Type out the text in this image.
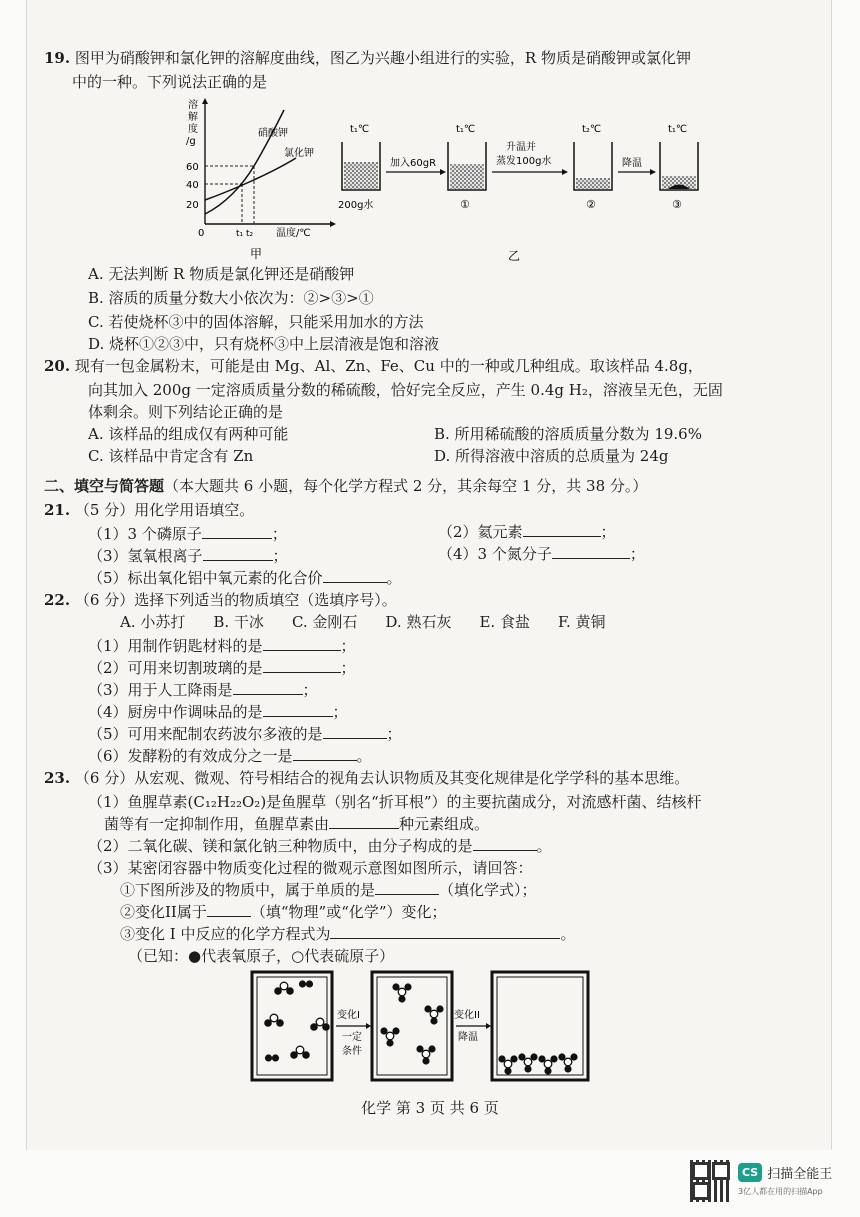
19. 图甲为硝酸钾和氯化钾的溶解度曲线，图乙为兴趣小组进行的实验，R 物质是硝酸钾或氯化钾
中的一种。下列说法正确的是
溶
解
度
/g
60
40
20
0	t₁ t₂ 温度/℃
硝酸钾
氯化钾
甲
t₁℃
200g水
加入60gR
t₁℃
①
升温并
蒸发100g水
t₂℃
②
降温
t₁℃
③
乙
A. 无法判断 R 物质是氯化钾还是硝酸钾
B. 溶质的质量分数大小依次为：②>③>①
C. 若使烧杯③中的固体溶解，只能采用加水的方法
D. 烧杯①②③中，只有烧杯③中上层清液是饱和溶液
20. 现有一包金属粉末，可能是由 Mg、Al、Zn、Fe、Cu 中的一种或几种组成。取该样品 4.8g，
向其加入 200g 一定溶质质量分数的稀硫酸，恰好完全反应，产生 0.4g H₂，溶液呈无色，无固
体剩余。则下列结论正确的是
A. 该样品的组成仅有两种可能	B. 所用稀硫酸的溶质质量分数为 19.6%
C. 该样品中肯定含有 Zn	D. 所得溶液中溶质的总质量为 24g
二、填空与简答题（本大题共 6 小题，每个化学方程式 2 分，其余每空 1 分，共 38 分。）
21. （5 分）用化学用语填空。
（1）3 个磷原子	；	（2）氦元素	；
（3）氢氧根离子	；	（4）3 个氮分子	；
（5）标出氧化铝中氧元素的化合价	。
22. （6 分）选择下列适当的物质填空（选填序号）。
A. 小苏打 B. 干冰 C. 金刚石 D. 熟石灰 E. 食盐 F. 黄铜
（1）用制作钥匙材料的是	；
（2）可用来切割玻璃的是	；
（3）用于人工降雨是	；
（4）厨房中作调味品的是	；
（5）可用来配制农药波尔多液的是	；
（6）发酵粉的有效成分之一是	。
23. （6 分）从宏观、微观、符号相结合的视角去认识物质及其变化规律是化学学科的基本思维。
（1）鱼腥草素(C₁₂H₂₂O₂)是鱼腥草（别名“折耳根”）的主要抗菌成分，对流感杆菌、结核杆
菌等有一定抑制作用，鱼腥草素由	种元素组成。
（2）二氧化碳、镁和氯化钠三种物质中，由分子构成的是	。
（3）某密闭容器中物质变化过程的微观示意图如图所示，请回答：
①下图所涉及的物质中，属于单质的是	（填化学式）；
②变化II属于	（填“物理”或“化学”）变化；
③变化 I 中反应的化学方程式为	。
（已知：●代表氧原子，○代表硫原子）
变化I
一定
条件
变化II
降温
化学 第 3 页 共 6 页
CS 扫描全能王
3亿人都在用的扫描App
